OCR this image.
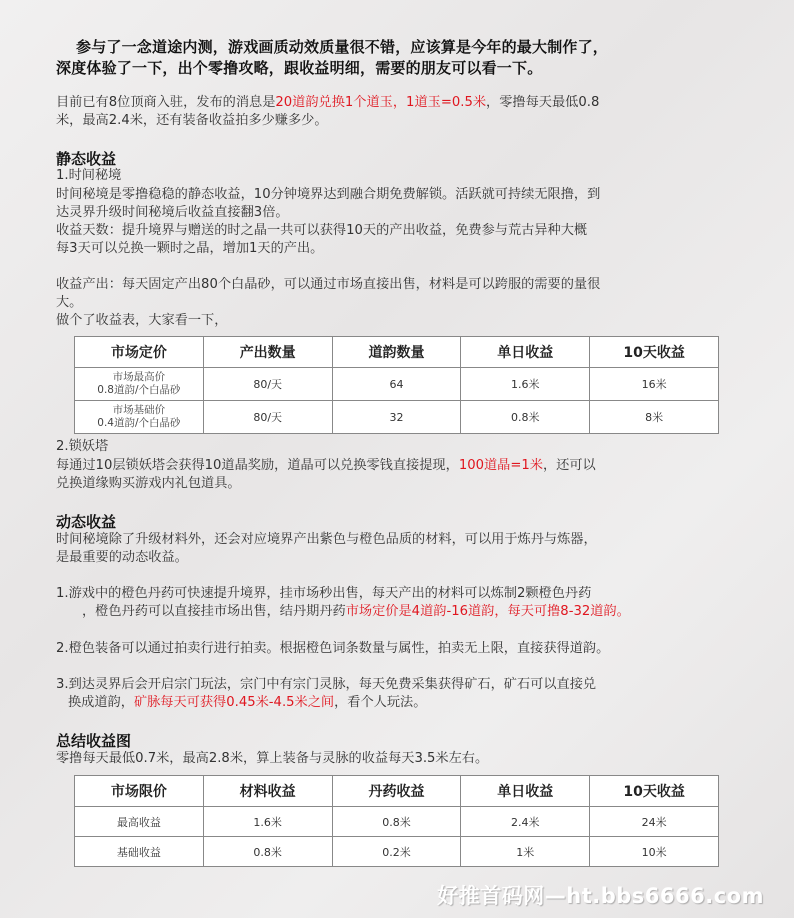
参与了一念道途内测，游戏画质动效质量很不错，应该算是今年的最大制作了，
深度体验了一下，出个零撸攻略，跟收益明细，需要的朋友可以看一下。
目前已有8位顶商入驻，发布的消息是20道韵兑换1个道玉，1道玉=0.5米，零撸每天最低0.8
米，最高2.4米，还有装备收益拍多少赚多少。
静态收益
1.时间秘境
时间秘境是零撸稳稳的静态收益，10分钟境界达到融合期免费解锁。活跃就可持续无限撸，到
达灵界升级时间秘境后收益直接翻3倍。
收益天数：提升境界与赠送的时之晶一共可以获得10天的产出收益，免费参与荒古异种大概
每3天可以兑换一颗时之晶，增加1天的产出。
收益产出：每天固定产出80个白晶砂，可以通过市场直接出售，材料是可以跨服的需要的量很
大。
做个了收益表，大家看一下，
市场定价	产出数量	道韵数量	单日收益	10天收益

市场最高价
0.8道韵/个白晶砂	80/天	64	1.6米	16米

市场基础价
0.4道韵/个白晶砂	80/天	32	0.8米	8米
2.锁妖塔
每通过10层锁妖塔会获得10道晶奖励，道晶可以兑换零钱直接提现，100道晶=1米，还可以
兑换道缘购买游戏内礼包道具。
动态收益
时间秘境除了升级材料外，还会对应境界产出紫色与橙色品质的材料，可以用于炼丹与炼器，
是最重要的动态收益。
1.游戏中的橙色丹药可快速提升境界，挂市场秒出售，每天产出的材料可以炼制2颗橙色丹药
，橙色丹药可以直接挂市场出售，结丹期丹药市场定价是4道韵-16道韵，每天可撸8-32道韵。
2.橙色装备可以通过拍卖行进行拍卖。根据橙色词条数量与属性，拍卖无上限，直接获得道韵。
3.到达灵界后会开启宗门玩法，宗门中有宗门灵脉，每天免费采集获得矿石，矿石可以直接兑
换成道韵，矿脉每天可获得0.45米-4.5米之间，看个人玩法。
总结收益图
零撸每天最低0.7米，最高2.8米，算上装备与灵脉的收益每天3.5米左右。
市场限价	材料收益	丹药收益	单日收益	10天收益
最高收益	1.6米	0.8米	2.4米	24米
基础收益	0.8米	0.2米	1米	10米
好推首码网—ht.bbs6666.com
